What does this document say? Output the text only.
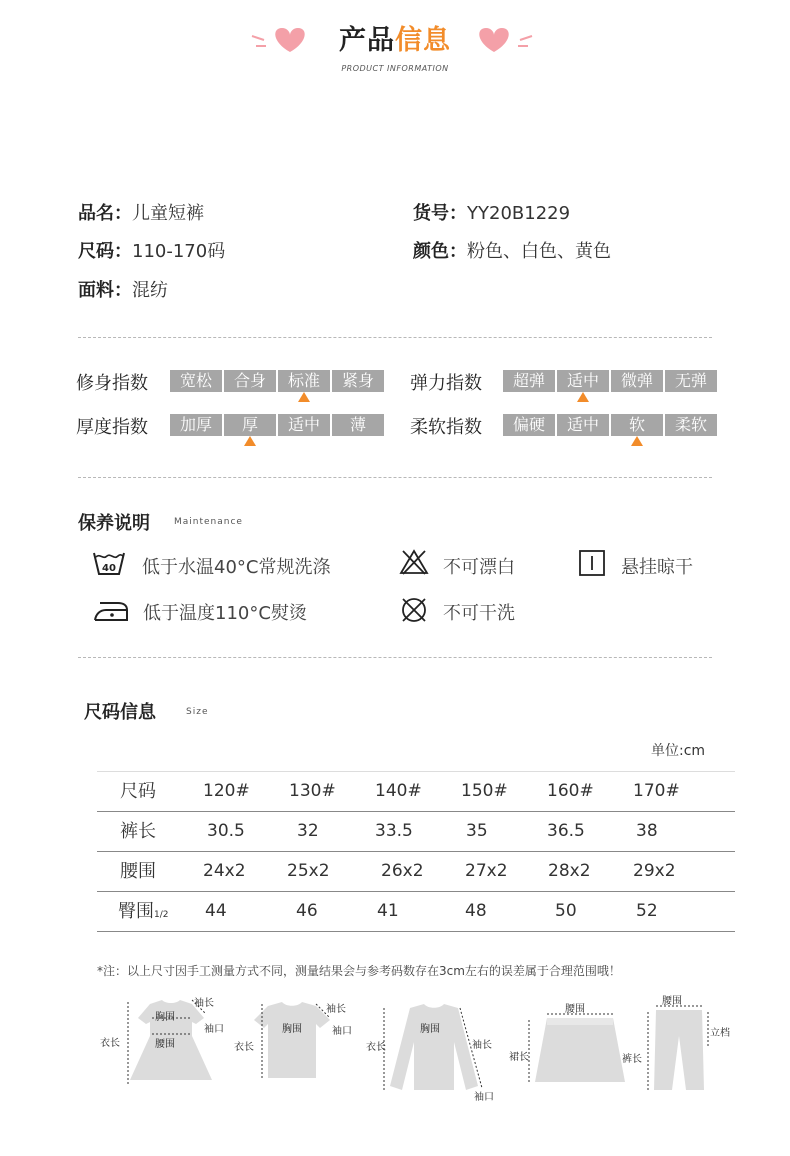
产品信息
PRODUCT INFORMATION
品名：儿童短裤	货号：YY20B1229
尺码：110-170码	颜色：粉色、白色、黄色
面料：混纺
修身指数	宽松	合身	标准	紧身	弹力指数	超弹	适中	微弹	无弹
厚度指数	加厚	厚	适中	薄	柔软指数	偏硬	适中	软	柔软
保养说明	Maintenance
40 低于水温40°C常规洗涤	不可漂白	悬挂晾干
低于温度110°C熨烫	不可干洗
尺码信息	Size
单位:cm
尺码	120# 130# 140# 150# 160# 170#
裤长	30.5	32	33.5	35	36.5	38
腰围	24x2 25x2	26x2 27x2 28x2 29x2
臀围1/2 44	46	41	48	50	52
*注：以上尺寸因手工测量方式不同，测量结果会与参考码数存在3cm左右的误差属于合理范围哦！
袖长
胸围
袖口
腰围
衣长
袖长
胸围	袖口
衣长
胸围
袖长
衣长
袖口
腰围
裙长
腰围
立档
裤长
